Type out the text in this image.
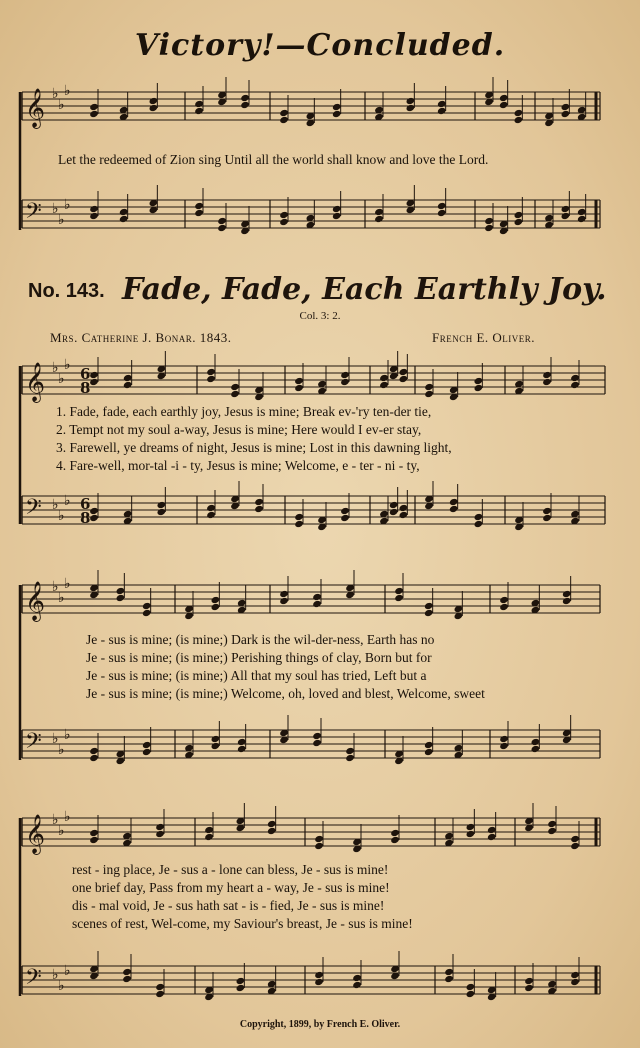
𝄞 ♭
♭
♭
𝄢 ♭
♭
♭
𝄞 ♭
♭
♭
𝄢 ♭
♭
♭
6
8
6
8
𝄞 ♭
♭
♭
𝄢 ♭
♭
♭
𝄞 ♭
♭
♭
𝄢 ♭
♭
♭
Victory!—Concluded.
Let the redeemed of Zion sing Until all the world shall know and love the Lord.
No. 143. Fade, Fade, Each Earthly Joy.
Col. 3: 2.
Mrs. Catherine J. Bonar. 1843.	French E. Oliver.
1. Fade, fade, each earthly joy, Jesus is mine; Break ev-'ry ten-der tie,
2. Tempt not my soul a-way, Jesus is mine; Here would I ev-er stay,
3. Farewell, ye dreams of night, Jesus is mine; Lost in this dawning light,
4. Fare-well, mor-tal -i - ty, Jesus is mine; Welcome, e - ter - ni - ty,
Je - sus is mine; (is mine;) Dark is the wil-der-ness, Earth has no
Je - sus is mine; (is mine;) Perishing things of clay, Born but for
Je - sus is mine; (is mine;) All that my soul has tried, Left but a
Je - sus is mine; (is mine;) Welcome, oh, loved and blest, Welcome, sweet
rest - ing place, Je - sus a - lone can bless, Je - sus is mine!
one brief day, Pass from my heart a - way, Je - sus is mine!
dis - mal void, Je - sus hath sat - is - fied, Je - sus is mine!
scenes of rest, Wel-come, my Saviour's breast, Je - sus is mine!
Copyright, 1899, by French E. Oliver.
